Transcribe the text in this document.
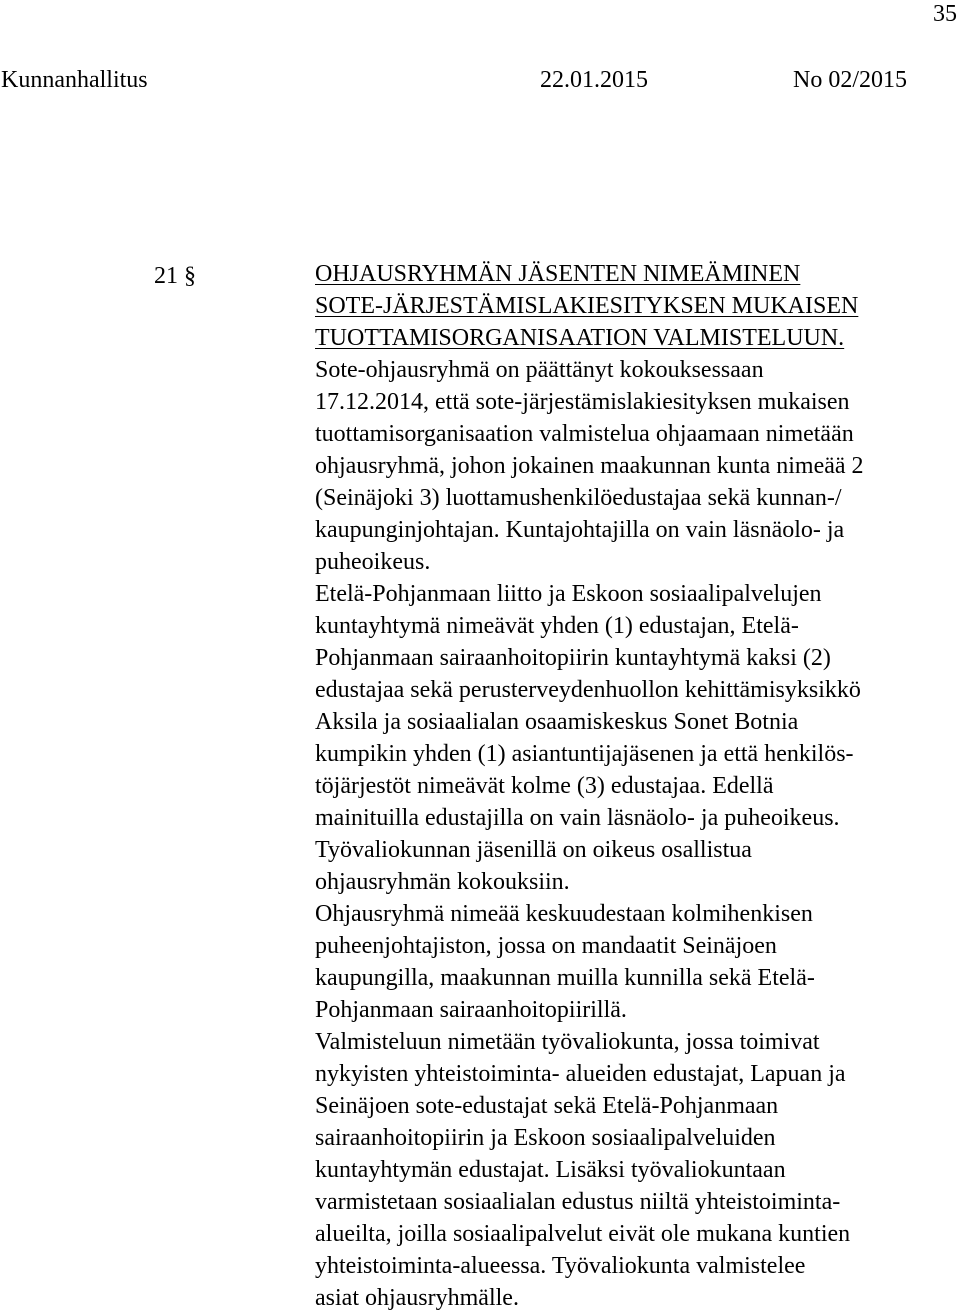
35
Kunnanhallitus	22.01.2015	No 02/2015
21 §	OHJAUSRYHMÄN JÄSENTEN NIMEÄMINEN
SOTE-JÄRJESTÄMISLAKIESITYKSEN MUKAISEN
TUOTTAMISORGANISAATION VALMISTELUUN.

Sote-ohjausryhmä on päättänyt kokouksessaan
17.12.2014, että sote-järjestämislakiesityksen mukaisen
tuottamisorganisaation valmistelua ohjaamaan nimetään
ohjausryhmä, johon jokainen maakunnan kunta nimeää 2
(Seinäjoki 3) luottamushenkilöedustajaa sekä kunnan-/
kaupunginjohtajan. Kuntajohtajilla on vain läsnäolo- ja
puheoikeus.

Etelä-Pohjanmaan liitto ja Eskoon sosiaalipalvelujen
kuntayhtymä nimeävät yhden (1) edustajan, Etelä-
Pohjanmaan sairaanhoitopiirin kuntayhtymä kaksi (2)
edustajaa sekä perusterveydenhuollon kehittämisyksikkö
Aksila ja sosiaalialan osaamiskeskus Sonet Botnia
kumpikin yhden (1) asiantuntijajäsenen ja että henkilös-
töjärjestöt nimeävät kolme (3) edustajaa. Edellä
mainituilla edustajilla on vain läsnäolo- ja puheoikeus.
Työvaliokunnan jäsenillä on oikeus osallistua
ohjausryhmän kokouksiin.

Ohjausryhmä nimeää keskuudestaan kolmihenkisen
puheenjohtajiston, jossa on mandaatit Seinäjoen
kaupungilla, maakunnan muilla kunnilla sekä Etelä-
Pohjanmaan sairaanhoitopiirillä.

Valmisteluun nimetään työvaliokunta, jossa toimivat
nykyisten yhteistoiminta- alueiden edustajat, Lapuan ja
Seinäjoen sote-edustajat sekä Etelä-Pohjanmaan
sairaanhoitopiirin ja Eskoon sosiaalipalveluiden
kuntayhtymän edustajat. Lisäksi työvaliokuntaan
varmistetaan sosiaalialan edustus niiltä yhteistoiminta-
alueilta, joilla sosiaalipalvelut eivät ole mukana kuntien
yhteistoiminta-alueessa. Työvaliokunta valmistelee
asiat ohjausryhmälle.
